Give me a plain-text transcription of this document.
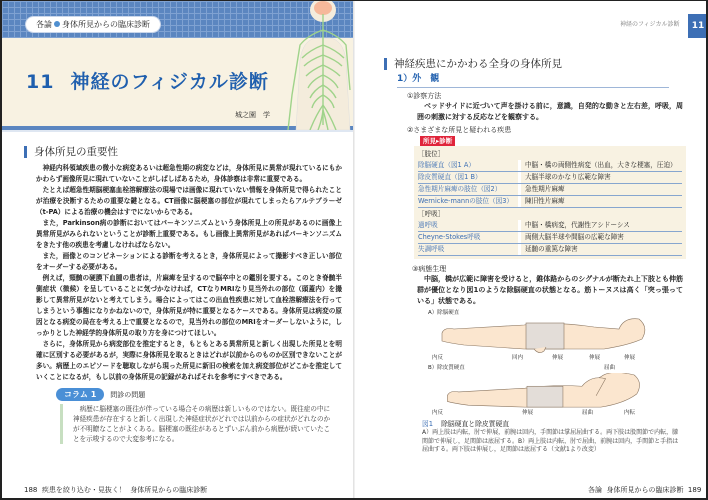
各論 身体所見からの臨床診断
11 神経のフィジカル診断
城之園　学
身体所見の重要性

神経内科領域疾患の微小な病変あるいは超急性期の病変などは，身体所見に異常が現れているにもかかわらず画像所見に現れていないことがしばしばあるため，身体診察は非常に重要である。

たとえば超急性期脳梗塞血栓溶解療法の現場では画像に現れていない情報を身体所見で得られたことが治療を決断するための重要な鍵となる。CT画像に脳梗塞の部位が現れてしまったらアルテプラーゼ（t-PA）による治療の機会はすでにないからである。

また，Parkinson病の診断においてはパーキンソニズムという身体所見上の所見があるのに画像上異常所見がみられないということが診断上重要である。もし画像上異常所見があればパーキンソニズムをきたす他の疾患を考慮しなければならない。

また，画像とのコンビネーションによる診断を考えるとき，身体所見によって撮影すべき正しい部位をオーダーする必要がある。

例えば，頸髄の硬膜下血腫の患者は，片麻痺を呈するので脳卒中との鑑別を要する。このとき脊髄半側症状（徴候）を呈していることに気づかなければ，CTなりMRIなり見当外れの部位（頭蓋内）を撮影して異常所見がないと考えてしまう。場合によってはこの出血性疾患に対して血栓溶解療法を行ってしまうという事態になりかねないので，身体所見が特に重要となるケースである。身体所見は病変の原因となる病変の局在を考える上で重要となるので，見当外れの部位のMRIをオーダーしないように，しっかりとした神経学的身体所見の取り方を身につけてほしい。

さらに，身体所見から病変部位を推定するとき，もともとある異常所見と新しく出現した所見とを明確に区別する必要があるが，実際に身体所見を取るときはどれが以前からのものか区別できないことが多い。病歴上のエピソードを聴取しながら現った所見に新旧の検索を加え病変部位がどこかを推定していくことになるが，もし以前の身体所見の記録があればそれを参考にすべきである。

コラム 1	問診の問題

病歴に脳梗塞の既往が伴っている場合その病歴は新しいものではない。既往症の中に神経疾患が存在すると新しく出現した神経症状がどれでは以前からの症状がどれなのかが不明瞭なことがよくある。脳梗塞の既往があるとずいぶん前から病歴が続いていたことを示唆するので大変参考になる。

188 疾患を絞り込む・見抜く！ 身体所見からの臨床診断
神経のフィジカル診断	11
神経疾患にかかわる全身の身体所見
1）外　観
①診察方法

ベッドサイドに近づいて声を掛ける前に，意識，自発的な動きと左右差，呼吸，周囲の刺激に対する反応などを観察する。

②さまざまな所見と疑われる疾患
所見▸診断
［肢位］
除脳硬直（図1 A）	中脳・橋の両側性病変（出血，大きな梗塞，圧迫）
除皮質硬直（図1 B）	大脳半球のかなり広範な障害
急性期片麻痺の肢位（図2）	急性期片麻痺
Wernicke-mannの肢位（図3）	陳旧性片麻痺
［呼吸］
過呼吸	中脳・橋病変，代謝性アシドーシス
Cheyne-Stokes呼吸	両側大脳半球や間脳の広範な障害
失調呼吸	延髄の重篤な障害
③病態生理

中脳，橋が広範に障害を受けると，錐体路からのシグナルが断たれ上下肢とも伸筋群が優位となり図1のような除脳硬直の状態となる。筋トーヌスは高く「突っ張っている」状態である。

A）除脳硬直
内反	回内	伸展	伸展	伸展
B）除皮質硬直	屈曲
内反	伸展	屈曲	内転
図1 除脳硬直と除皮質硬直
A）両上肢は内転，肘で伸展，前腕は回内，手関節は掌屈屈曲する。両下肢は股関節で内転，膝関節で伸展し，足関節は底屈する。B）両上肢は内転，肘で屈曲，前腕は回内，手関節と手指は屈曲する。両下肢は伸展し，足関節は底屈する（文献1より改変）
各論 身体所見からの臨床診断 189
